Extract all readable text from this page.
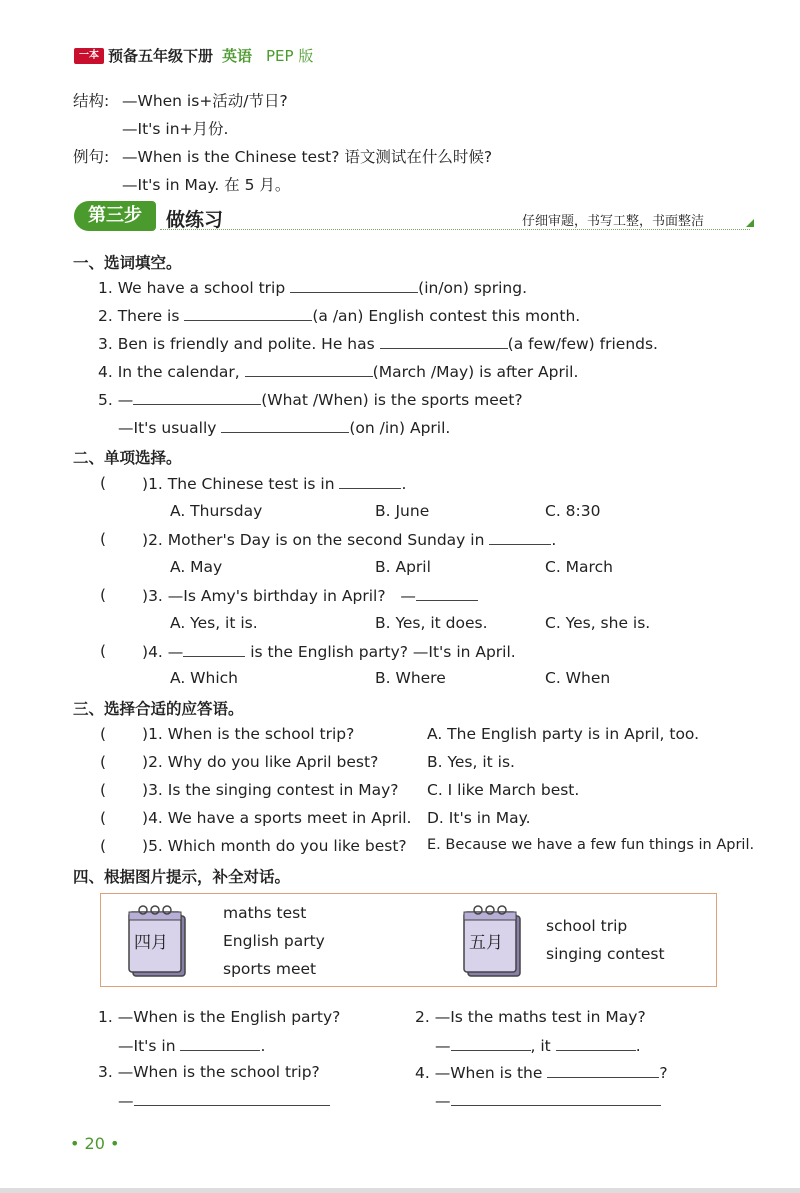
一本 预备五年级下册 英语 PEP 版
结构: —When is+活动/节日?
—It's in+月份.
例句: —When is the Chinese test? 语文测试在什么时候?
—It's in May. 在 5 月。
第三步	做练习	仔细审题，书写工整，书面整洁
一、选词填空。
1. We have a school trip	(in/on) spring.
2. There is	(a /an) English contest this month.
3. Ben is friendly and polite. He has	(a few/few) friends.
4. In the calendar,	(March /May) is after April.
5. —	(What /When) is the sports meet?
—It's usually	(on /in) April.
二、单项选择。
( )1. The Chinese test is in	.
A. Thursday	B. June	C. 8:30
( )2. Mother's Day is on the second Sunday in	.
A. May	B. April	C. March
( )3. —Is Amy's birthday in April? —
A. Yes, it is.	B. Yes, it does.	C. Yes, she is.
( )4. —	is the English party? —It's in April.
A. Which	B. Where	C. When
三、选择合适的应答语。
( )1. When is the school trip?	A. The English party is in April, too.
( )2. Why do you like April best?	B. Yes, it is.
( )3. Is the singing contest in May? C. I like March best.
( )4. We have a sports meet in April. D. It's in May.
( )5. Which month do you like best? E. Because we have a few fun things in April.
四、根据图片提示，补全对话。
四月
maths test
English party
sports meet
五月
school trip
singing contest
1. —When is the English party?
—It's in	.
2. —Is the maths test in May?
—	, it	.
3. —When is the school trip?
—
4. —When is the	?
—
• 20 •
